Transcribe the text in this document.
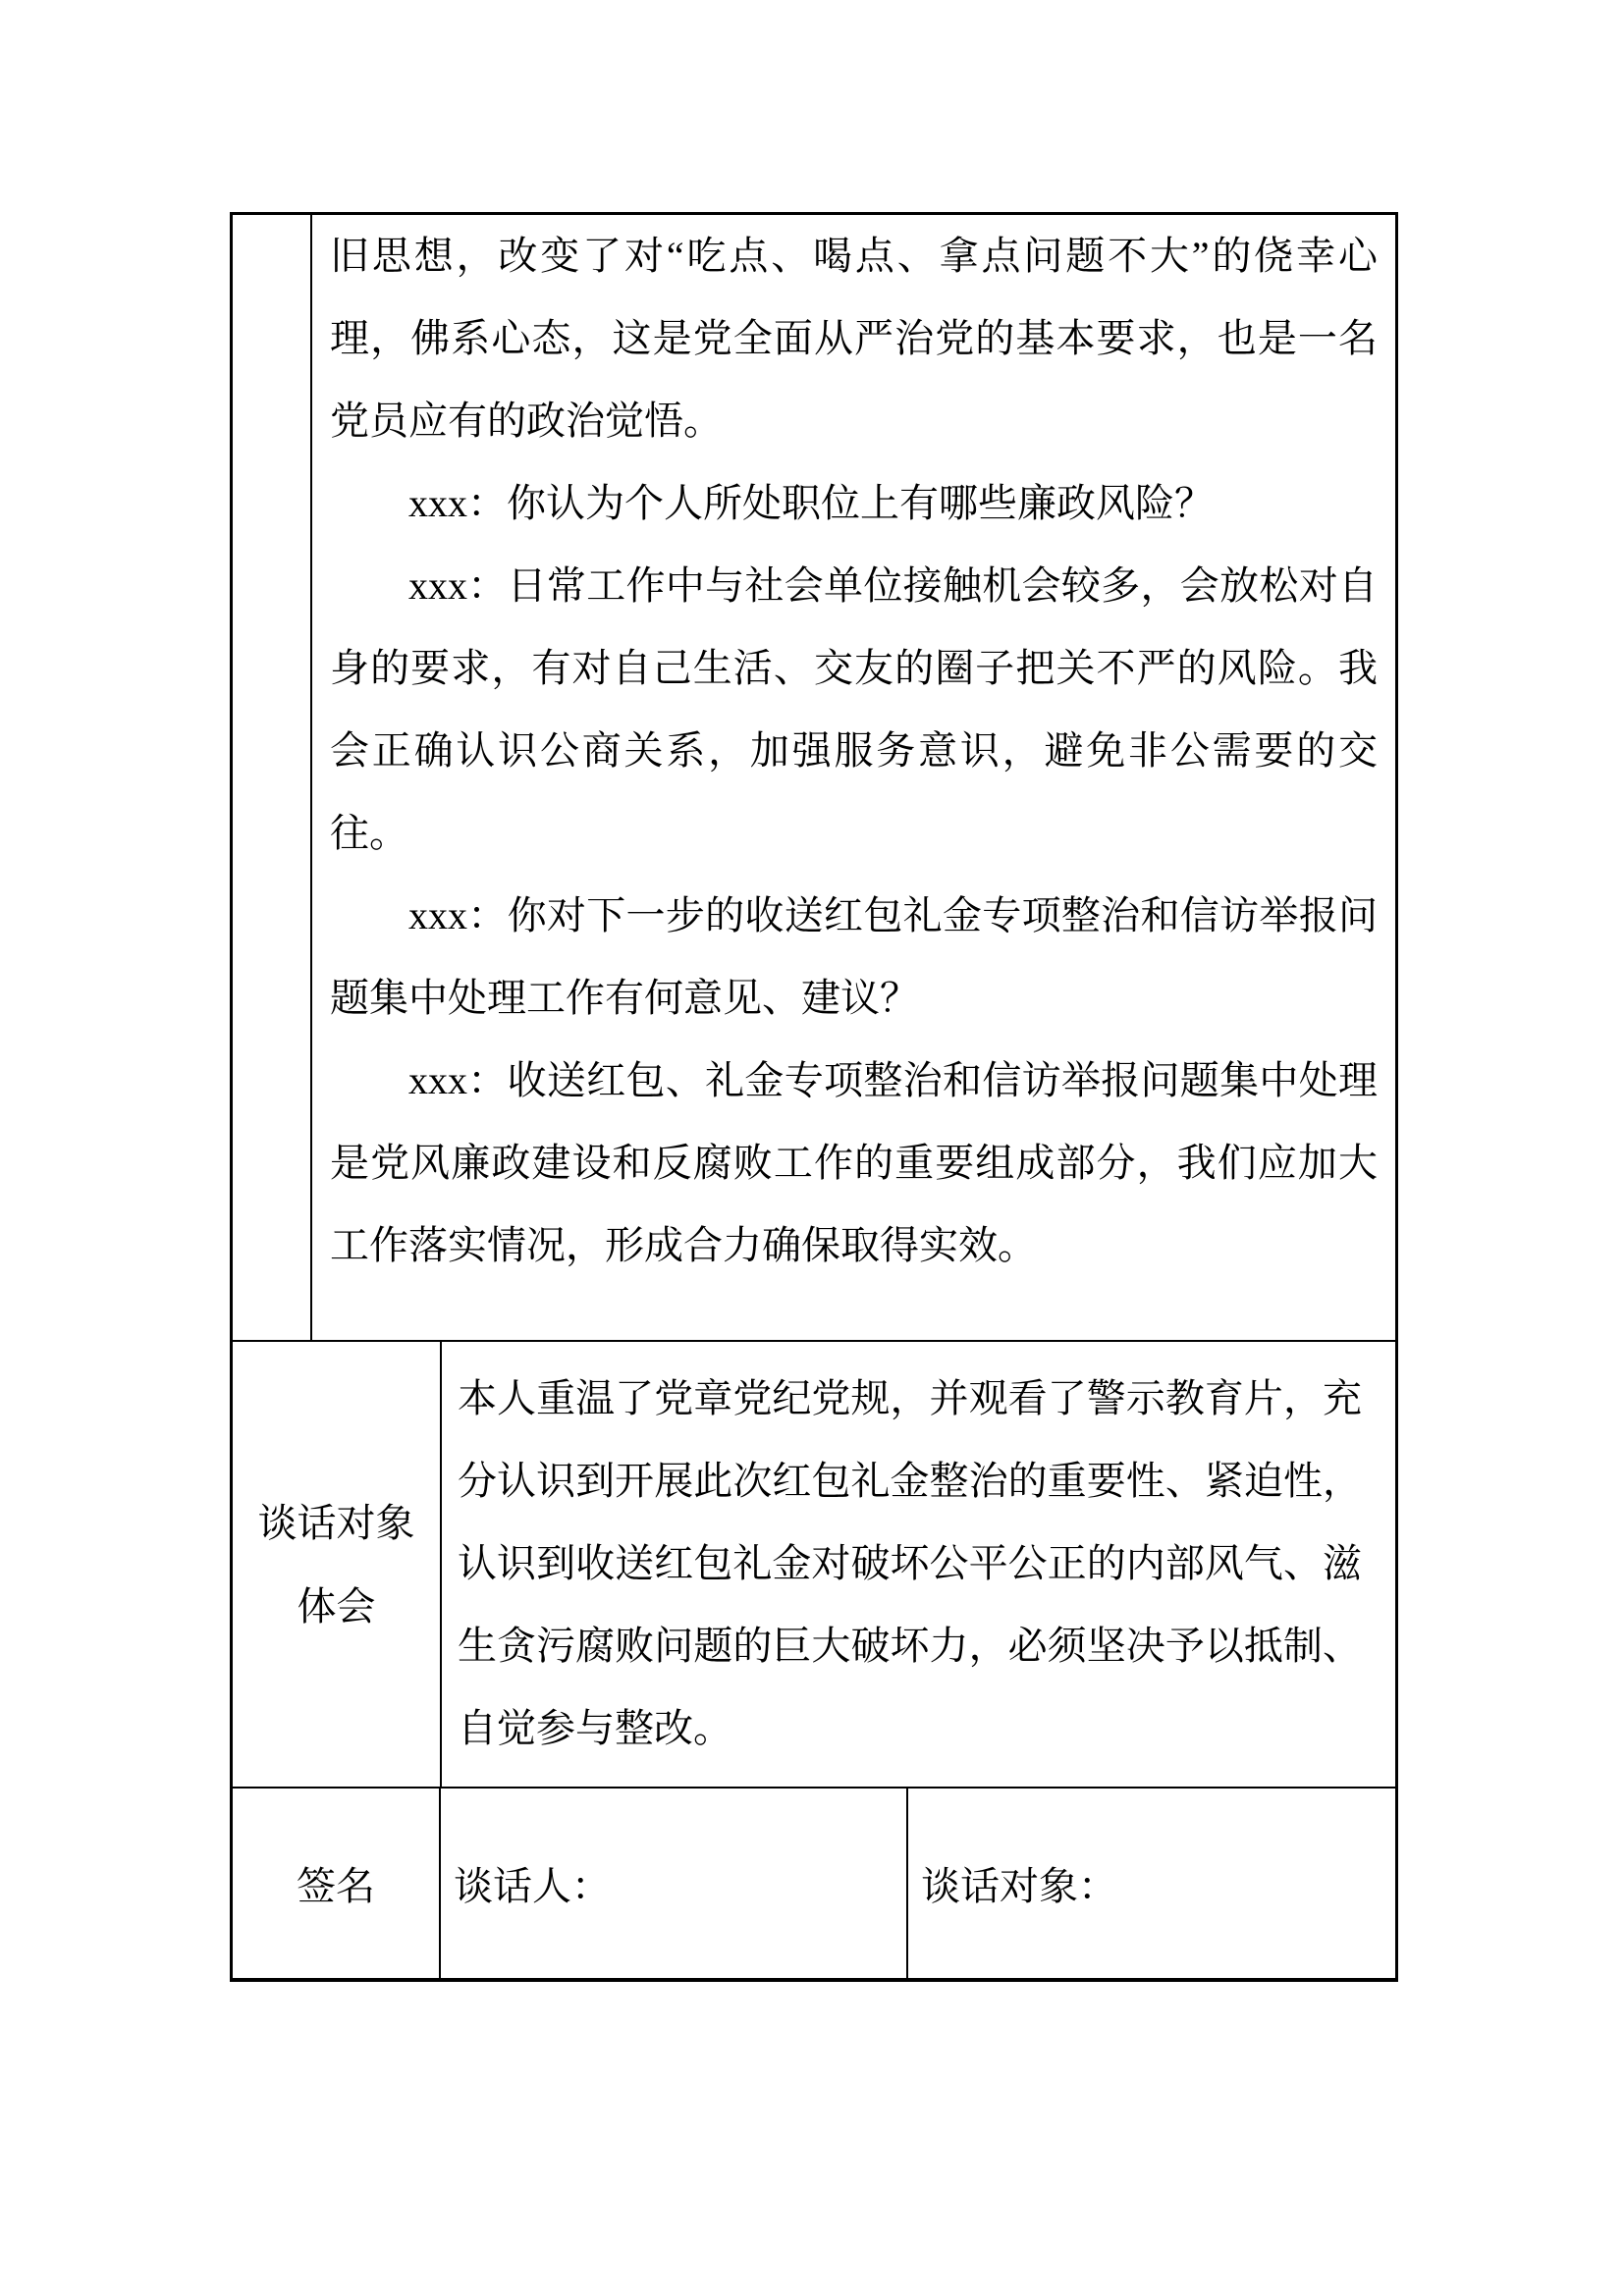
旧思想，改变了对“吃点、喝点、拿点问题不大”的侥幸心理，佛系心态，这是党全面从严治党的基本要求，也是一名党员应有的政治觉悟。

xxx：你认为个人所处职位上有哪些廉政风险？

xxx：日常工作中与社会单位接触机会较多，会放松对自身的要求，有对自己生活、交友的圈子把关不严的风险。我会正确认识公商关系，加强服务意识，避免非公需要的交往。

xxx：你对下一步的收送红包礼金专项整治和信访举报问题集中处理工作有何意见、建议？

xxx：收送红包、礼金专项整治和信访举报问题集中处理是党风廉政建设和反腐败工作的重要组成部分，我们应加大工作落实情况，形成合力确保取得实效。

谈话对象
体会

本人重温了党章党纪党规，并观看了警示教育片，充分认识到开展此次红包礼金整治的重要性、紧迫性，认识到收送红包礼金对破坏公平公正的内部风气、滋生贪污腐败问题的巨大破坏力，必须坚决予以抵制、自觉参与整改。

签名 谈话人：	谈话对象：
